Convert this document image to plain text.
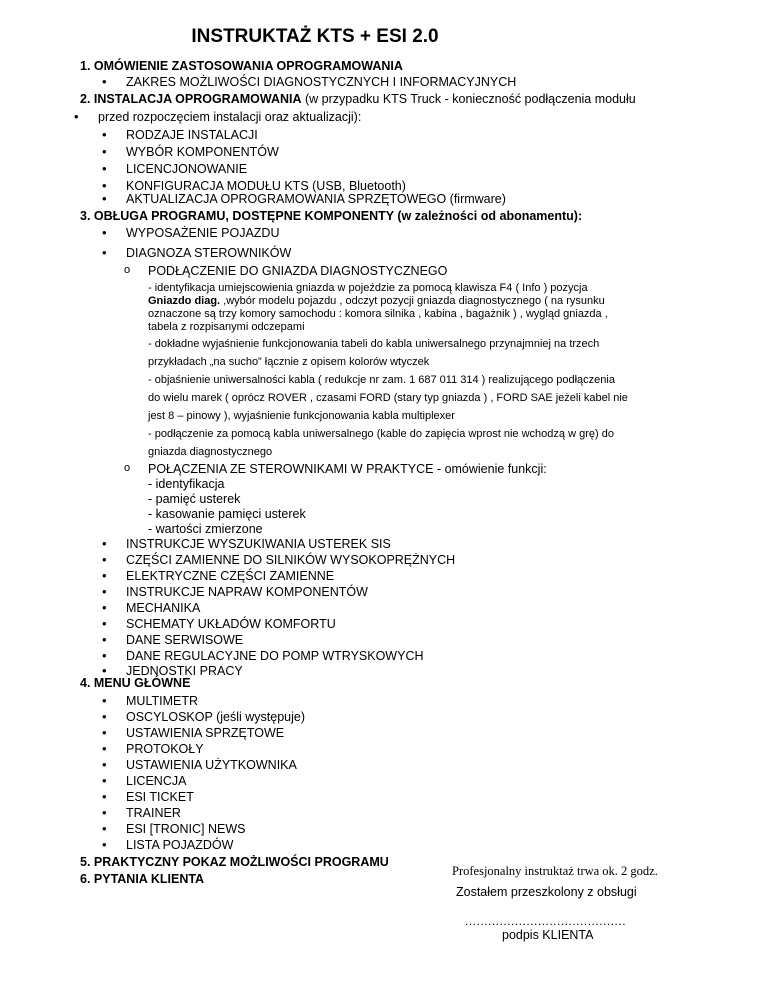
INSTRUKTAŻ KTS + ESI 2.0
1. OMÓWIENIE ZASTOSOWANIA OPROGRAMOWANIA
• ZAKRES MOŻLIWOŚCI DIAGNOSTYCZNYCH I INFORMACYJNYCH
2. INSTALACJA OPROGRAMOWANIA (w przypadku KTS Truck - konieczność podłączenia modułu
• przed rozpoczęciem instalacji oraz aktualizacji):
• RODZAJE INSTALACJI
• WYBÓR KOMPONENTÓW
• LICENCJONOWANIE
• KONFIGURACJA MODUŁU KTS (USB, Bluetooth)
• AKTUALIZACJA OPROGRAMOWANIA SPRZĘTOWEGO (firmware)
3. OBŁUGA PROGRAMU, DOSTĘPNE KOMPONENTY (w zależności od abonamentu):
• WYPOSAŻENIE POJAZDU
• DIAGNOZA STEROWNIKÓW
o PODŁĄCZENIE DO GNIAZDA DIAGNOSTYCZNEGO
- identyfikacja umiejscowienia gniazda w pojeździe za pomocą klawisza F4 ( Info ) pozycja
Gniazdo diag. ,wybór modelu pojazdu , odczyt pozycji gniazda diagnostycznego ( na rysunku
oznaczone są trzy komory samochodu : komora silnika , kabina , bagażnik ) , wygląd gniazda ,
tabela z rozpisanymi odczepami
- dokładne wyjaśnienie funkcjonowania tabeli do kabla uniwersalnego przynajmniej na trzech
przykładach „na sucho” łącznie z opisem kolorów wtyczek
- objaśnienie uniwersalności kabla ( redukcje nr zam. 1 687 011 314 ) realizującego podłączenia
do wielu marek ( oprócz ROVER , czasami FORD (stary typ gniazda ) , FORD SAE jeżeli kabel nie
jest 8 – pinowy ), wyjaśnienie funkcjonowania kabla multiplexer
- podłączenie za pomocą kabla uniwersalnego (kable do zapięcia wprost nie wchodzą w grę) do
gniazda diagnostycznego
o POŁĄCZENIA ZE STEROWNIKAMI W PRAKTYCE - omówienie funkcji:
- identyfikacja
- pamięć usterek
- kasowanie pamięci usterek
- wartości zmierzone
• INSTRUKCJE WYSZUKIWANIA USTEREK SIS
• CZĘŚCI ZAMIENNE DO SILNIKÓW WYSOKOPRĘŻNYCH
• ELEKTRYCZNE CZĘŚCI ZAMIENNE
• INSTRUKCJE NAPRAW KOMPONENTÓW
• MECHANIKA
• SCHEMATY UKŁADÓW KOMFORTU
• DANE SERWISOWE
• DANE REGULACYJNE DO POMP WTRYSKOWYCH
• JEDNOSTKI PRACY
4. MENU GŁÓWNE
• MULTIMETR
• OSCYLOSKOP (jeśli występuje)
• USTAWIENIA SPRZĘTOWE
• PROTOKOŁY
• USTAWIENIA UŻYTKOWNIKA
• LICENCJA
• ESI TICKET
• TRAINER
• ESI [TRONIC] NEWS
• LISTA POJAZDÓW
5. PRAKTYCZNY POKAZ MOŻLIWOŚCI PROGRAMU
6. PYTANIA KLIENTA
Profesjonalny instruktaż trwa ok. 2 godz.
Zostałem przeszkolony z obsługi
..........................................
podpis KLIENTA
